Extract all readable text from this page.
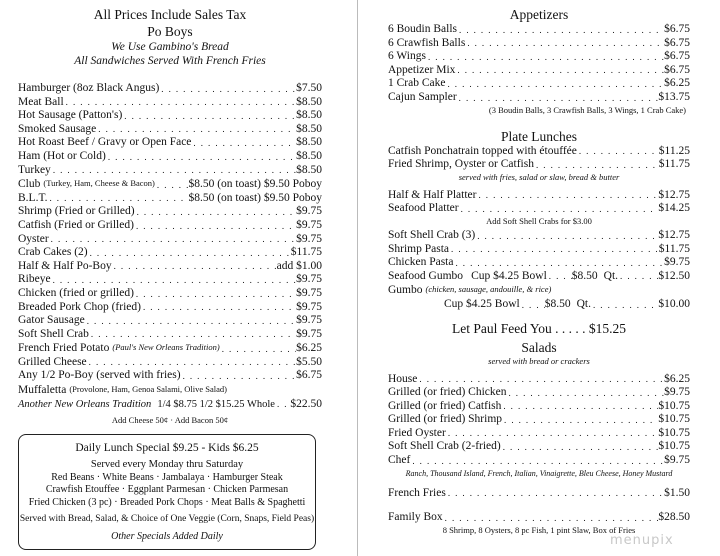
All Prices Include Sales Tax
Po Boys
We Use Gambino's Bread
All Sandwiches Served With French Fries
Hamburger (8oz Black Angus) . . .	$7.50
Meat Ball . . .	$8.50
Hot Sausage (Patton's) . . .	$8.50
Smoked Sausage . . .	$8.50
Hot Roast Beef / Gravy or Open Face . . .	$8.50
Ham (Hot or Cold) . . .	$8.50
Turkey . . .	$8.50
Club (Turkey, Ham, Cheese & Bacon) . . .	$8.50 (on toast) $9.50 Poboy
B.L.T. . . .	$8.50 (on toast) $9.50 Poboy
Shrimp (Fried or Grilled) . . .	$9.75
Catfish (Fried or Grilled) . . .	$9.75
Oyster . . .	$9.75
Crab Cakes (2) . . .	$11.75
Half & Half Po-Boy . . .	add $1.00
Ribeye . . .	$9.75
Chicken (fried or grilled) . . .	$9.75
Breaded Pork Chop (fried) . . .	$9.75
Gator Sausage . . .	$9.75
Soft Shell Crab . . .	$9.75
French Fried Potato (Paul's New Orleans Tradition) . . .	$6.25
Grilled Cheese . . .	$5.50
Any 1/2 Po-Boy (served with fries) . . .	$6.75
Muffaletta (Provolone, Ham, Genoa Salami, Olive Salad)
Another New Orleans Tradition 1/4 $8.75 1/2 $15.25 Whole . . . $22.50
Add Cheese 50¢ · Add Bacon 50¢
Daily Lunch Special $9.25 - Kids $6.25
Served every Monday thru Saturday
Red Beans · White Beans · Jambalaya · Hamburger Steak
Crawfish Etouffee · Eggplant Parmesan · Chicken Parmesan
Fried Chicken (3 pc) · Breaded Pork Chops · Meat Balls & Spaghetti
Served with Bread, Salad, & Choice of One Veggie (Corn, Snaps, Field Peas)
Other Specials Added Daily
Appetizers
6 Boudin Balls . . .	$6.75
6 Crawfish Balls . . .	$6.75
6 Wings . . .	$6.75
Appetizer Mix . . .	$6.75
1 Crab Cake . . .	$6.25
Cajun Sampler . . .	$13.75
(3 Boudin Balls, 3 Crawfish Balls, 3 Wings, 1 Crab Cake)
Plate Lunches
Catfish Ponchatrain topped with étouffée . . .	$11.25
Fried Shrimp, Oyster or Catfish . . .	$11.75
served with fries, salad or slaw, bread & butter
Half & Half Platter . . .	$12.75
Seafood Platter . . .	$14.25
Add Soft Shell Crabs for $3.00
Soft Shell Crab (3) . . .	$12.75
Shrimp Pasta . . .	$11.75
Chicken Pasta . . .	$9.75
Seafood Gumbo Cup $4.25 Bowl . . . $8.50 Qt. . . .	$12.50
Gumbo (chicken, sausage, andouille, & rice)
Cup $4.25 Bowl . . . $8.50 Qt. . . .	$10.00
Let Paul Feed You . . . . . $15.25
Salads
served with bread or crackers
House . . .	$6.25
Grilled (or fried) Chicken . . .	$9.75
Grilled (or fried) Catfish . . .	$10.75
Grilled (or fried) Shrimp . . .	$10.75
Fried Oyster . . .	$10.75
Soft Shell Crab (2-fried) . . .	$10.75
Chef . . .	$9.75
Ranch, Thousand Island, French, Italian, Vinaigrette, Bleu Cheese, Honey Mustard
French Fries . . .	$1.50
Family Box . . .	$28.50
8 Shrimp, 8 Oysters, 8 pc Fish, 1 pint Slaw, Box of Fries
menupix
